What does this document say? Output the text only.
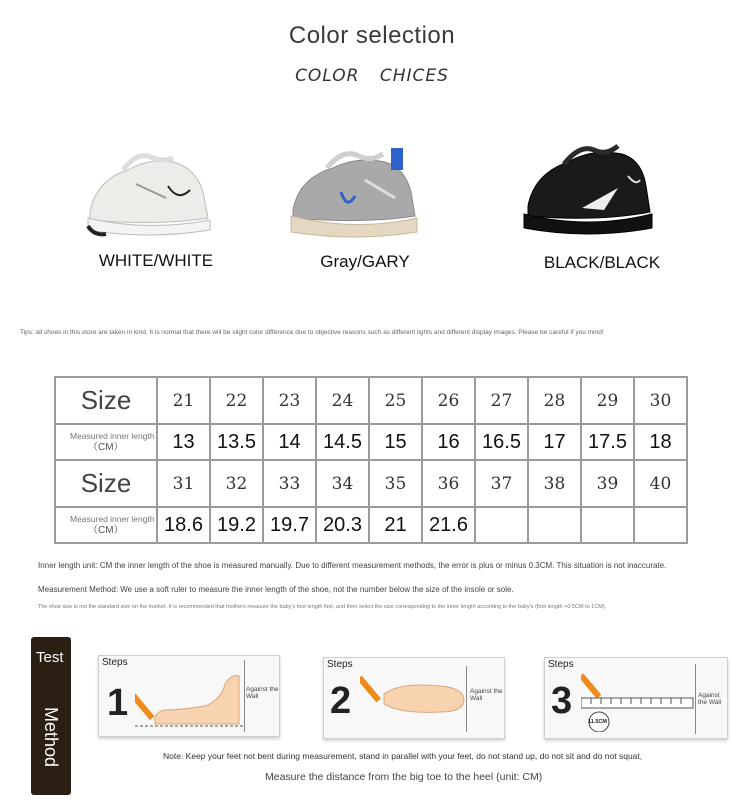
Color selection
COLOR CHICES
WHITE/WHITE	Gray/GARY	BLACK/BLACK
Tips: all shoes in this store are taken in kind. It is normal that there will be slight color difference due to objective reasons such as different lights and different display images. Please be careful if you mind!
Size	21	22	23	24	25	26	27	28	29	30
Measured inner length
（CM）	13	13.5	14	14.5	15	16	16.5	17	17.5	18
Size	31	32	33	34	35	36	37	38	39	40
Measured inner length
（CM）	18.6	19.2	19.7	20.3	21	21.6				
Inner length unit: CM the inner length of the shoe is measured manually. Due to different measurement methods, the error is plus or minus 0.3CM. This situation is not inaccurate.
Measurement Method: We use a soft ruler to measure the inner length of the shoe, not the number below the size of the insole or sole.
The shoe size is not the standard size on the market. It is recommended that mothers measure the baby's foot length first, and then select the size corresponding to the inner length according to the baby's (foot length +0.5CM to 1CM).
Test
Method
Steps
1	Against the Wall
Steps
2	Against the Wall
Steps
3	11.5CM
Against the Wall
Note: Keep your feet not bent during measurement, stand in parallel with your feet, do not stand up, do not sit and do not squat,
Measure the distance from the big toe to the heel (unit: CM)
